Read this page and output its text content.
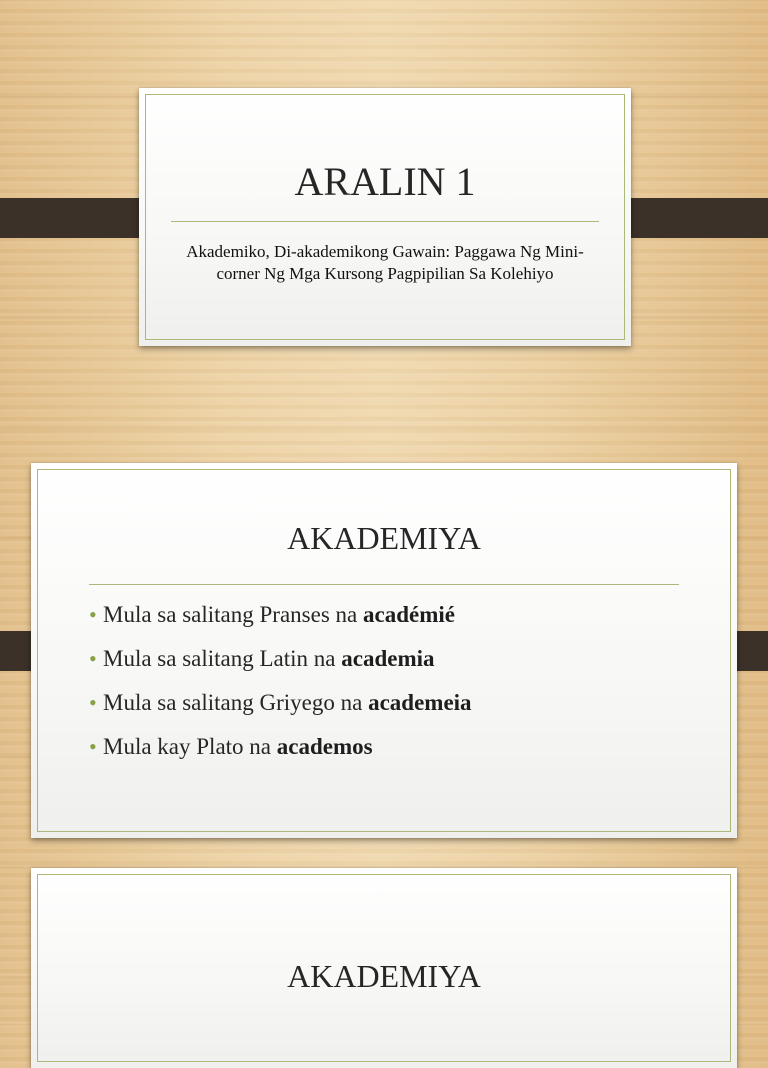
ARALIN 1
Akademiko, Di-akademikong Gawain: Paggawa Ng Mini-corner Ng Mga Kursong Pagpipilian Sa Kolehiyo
AKADEMIYA
• Mula sa salitang Pranses na académié
• Mula sa salitang Latin na academia
• Mula sa salitang Griyego na academeia
• Mula kay Plato na academos
AKADEMIYA
